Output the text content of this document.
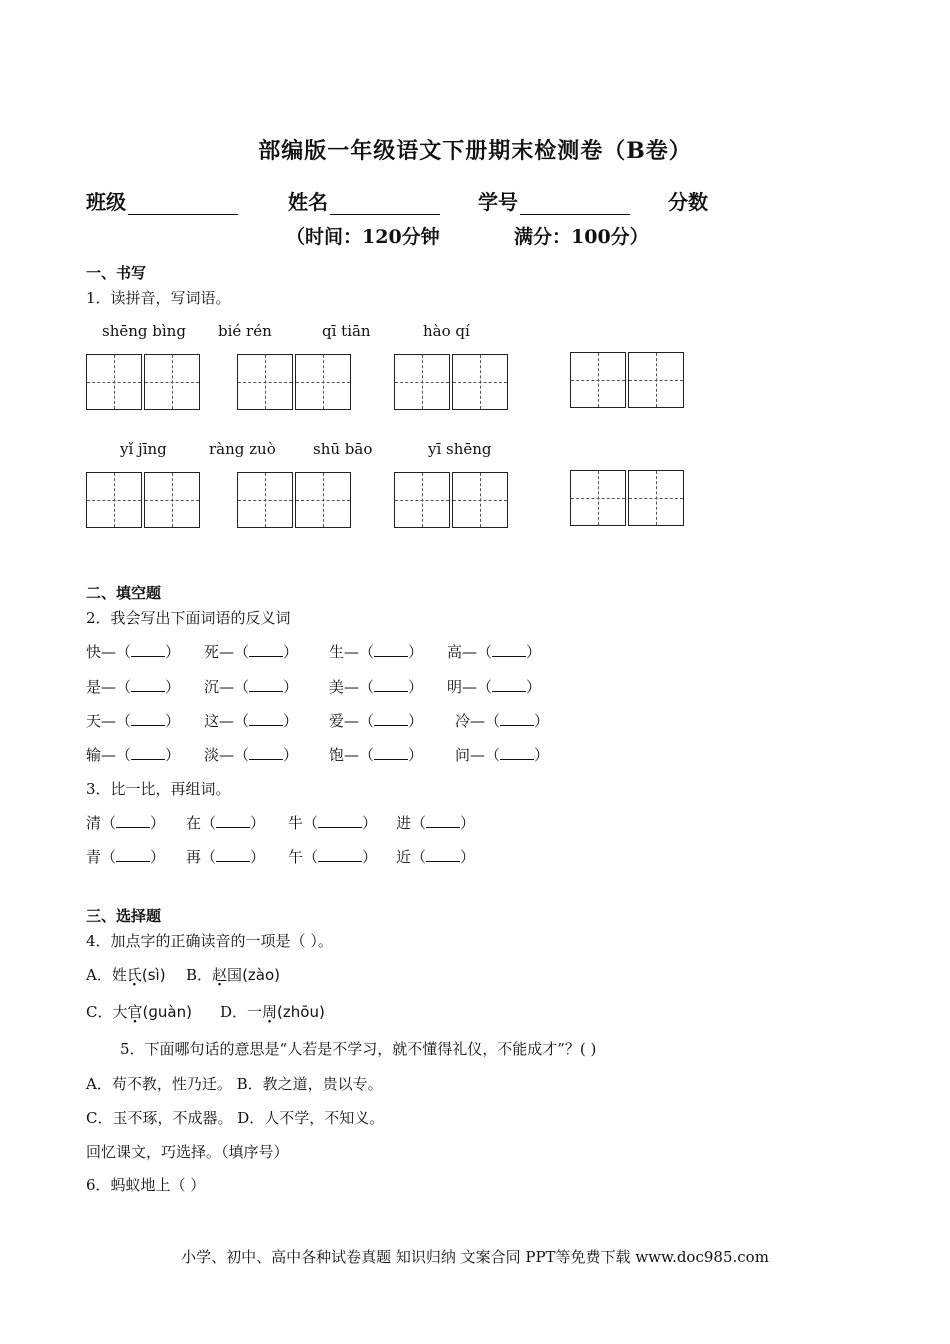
部编版一年级语文下册期末检测卷（B卷）
班级	姓名	学号	分数
（时间：120分钟	满分：100分）
一、书写
1．读拼音，写词语。
shēng bìng bié rén	qī tiān	hào qí
yǐ jīng	ràng zuò shū bāo	yī shēng
二、填空题
2．我会写出下面词语的反义词
快—（ ） 死—（ ） 生—（ ） 高—（ ）
是—（ ） 沉—（ ） 美—（ ） 明—（ ）
天—（ ） 这—（ ） 爱—（ ） 冷—（ ）
输—（ ） 淡—（ ） 饱—（ ） 问—（ ）
3．比一比，再组词。
清（ ） 在（ ） 牛（	） 进（ ）
青（ ） 再（ ） 午（	） 近（ ）
三、选择题
4．加点字的正确读音的一项是（ ）。
A．姓氏(sì) B．赵国(zào)
C．大官(ɡuàn) D．一周(zhōu)
5．下面哪句话的意思是“人若是不学习，就不懂得礼仪，不能成才”？( )
A．苟不教，性乃迁。 B．教之道，贵以专。
C．玉不琢，不成器。 D．人不学，不知义。
回忆课文，巧选择。（填序号）
6．蚂蚁地上（ ）
小学、初中、高中各种试卷真题 知识归纳 文案合同 PPT等免费下载 www.doc985.com
